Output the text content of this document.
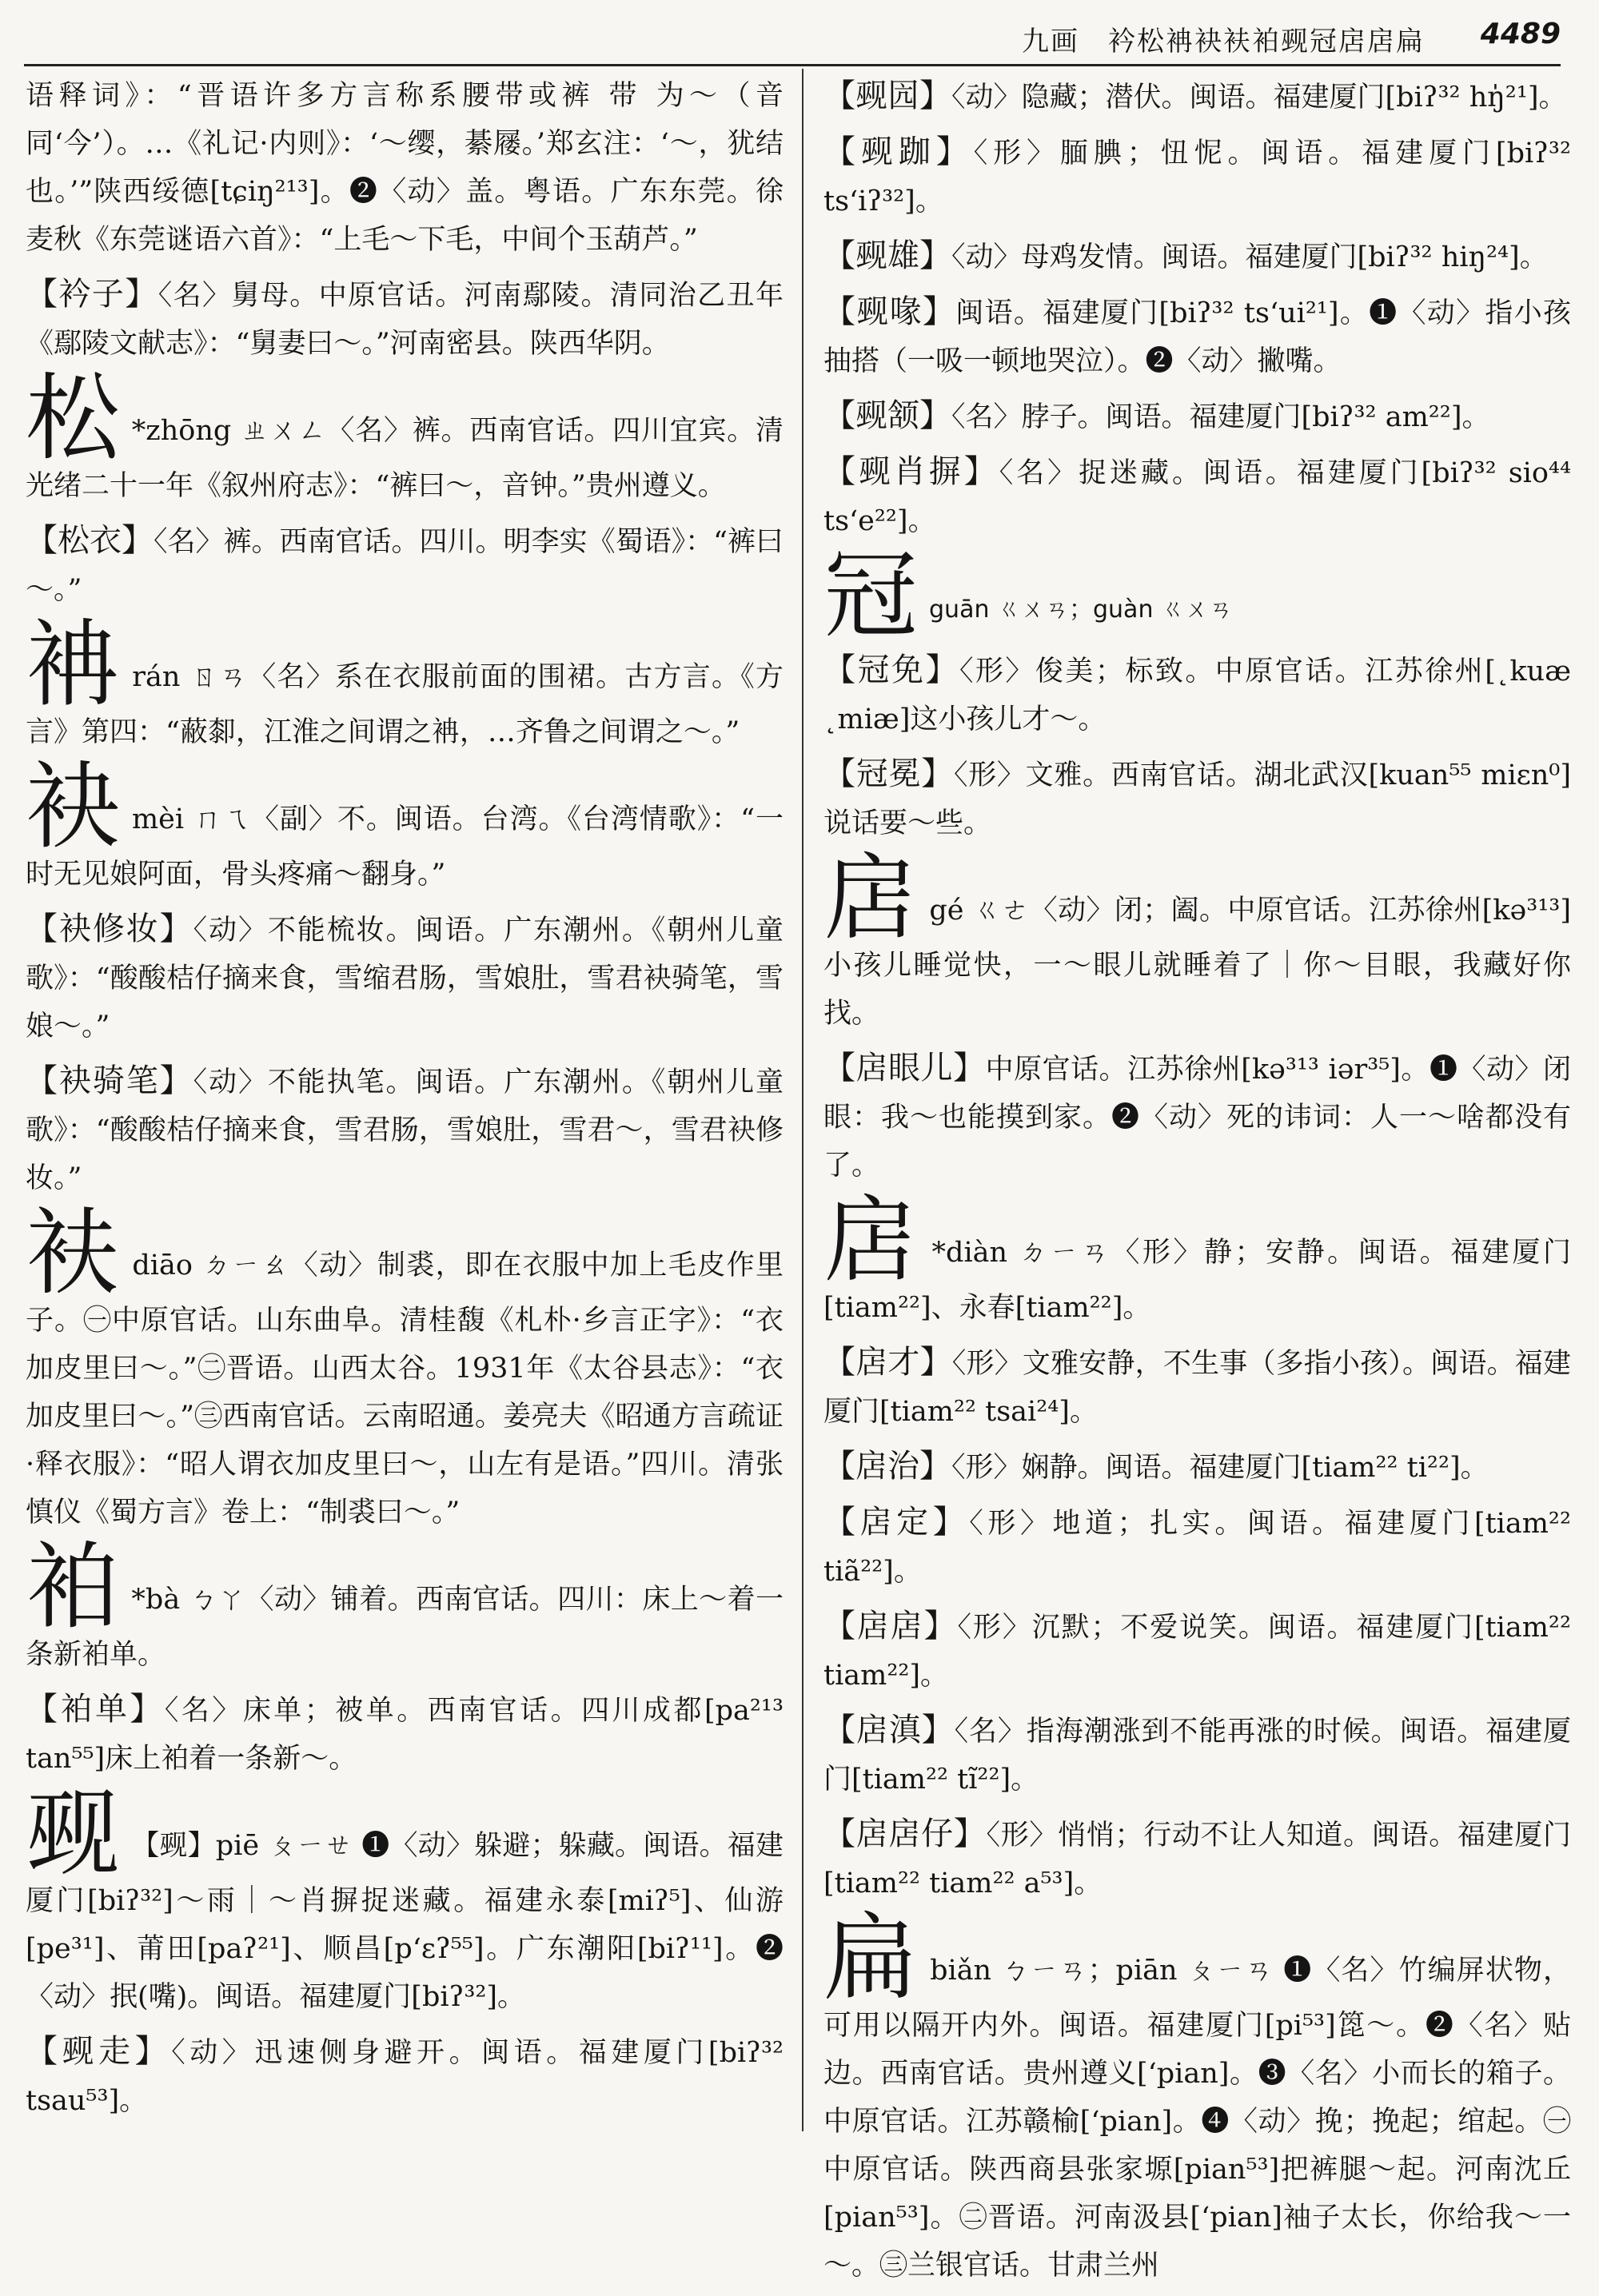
九画　衿松袡袂衭袙觋冠扂扂扁 4489

语释词》：“晋语许多方言称系腰带或裤 带 为～（音同‘今’）。…《礼记·内则》：‘～缨，綦屦。’郑玄注：‘～，犹结也。’”陕西绥德[tɕiŋ²¹³]。❷〈动〉盖。粤语。广东东莞。徐麦秋《东莞谜语六首》：“上毛～下毛，中间个玉葫芦。”

【衿子】〈名〉舅母。中原官话。河南鄢陵。清同治乙丑年《鄢陵文献志》：“舅妻曰～。”河南密县。陕西华阴。

松 *zhōng ㄓㄨㄥ〈名〉裤。西南官话。四川宜宾。清光绪二十一年《叙州府志》：“裤曰～，音钟。”贵州遵义。

【松衣】〈名〉裤。西南官话。四川。明李实《蜀语》：“裤曰～。”

袡rán ㄖㄢ〈名〉系在衣服前面的围裙。古方言。《方言》第四：“蔽厀，江淮之间谓之袡，…齐鲁之间谓之～。”

袂mèi ㄇㄟ〈副〉不。闽语。台湾。《台湾情歌》：“一时无见娘阿面，骨头疼痛～翻身。”

【袂修妆】〈动〉不能梳妆。闽语。广东潮州。《朝州儿童歌》：“酸酸桔仔摘来食，雪缩君肠，雪娘肚，雪君袂骑笔，雪娘～。”

【袂骑笔】〈动〉不能执笔。闽语。广东潮州。《朝州儿童歌》：“酸酸桔仔摘来食，雪君肠，雪娘肚，雪君～，雪君袂修妆。”

衭diāo ㄉㄧㄠ〈动〉制裘，即在衣服中加上毛皮作里子。㊀中原官话。山东曲阜。清桂馥《札朴·乡言正字》：“衣加皮里曰～。”㊁晋语。山西太谷。1931年《太谷县志》：“衣加皮里曰～。”㊂西南官话。云南昭通。姜亮夫《昭通方言疏证·释衣服》：“昭人谓衣加皮里曰～，山左有是语。”四川。清张慎仪《蜀方言》卷上：“制裘曰～。”

袙 *bà ㄅㄚ〈动〉铺着。西南官话。四川：床上～着一条新袙单。

【袙单】〈名〉床单；被单。西南官话。四川成都[pa²¹³ tan⁵⁵]床上袙着一条新～。

觋 【觋】piē ㄆㄧㄝ ❶〈动〉躲避；躲藏。闽语。福建厦门[biʔ³²]～雨｜～肖摒捉迷藏。福建永泰[miʔ⁵]、仙游[pe³¹]、莆田[paʔ²¹]、顺昌[p‘ɛʔ⁵⁵]。广东潮阳[biʔ¹¹]。❷〈动〉抿(嘴)。闽语。福建厦门[biʔ³²]。

【觋走】〈动〉迅速侧身避开。闽语。福建厦门[biʔ³² tsau⁵³]。

【觋囥】〈动〉隐藏；潜伏。闽语。福建厦门[biʔ³² hŋ̍²¹]。

【觋跏】〈形〉腼腆；忸怩。闽语。福建厦门[biʔ³² ts‘iʔ³²]。

【觋雄】〈动〉母鸡发情。闽语。福建厦门[biʔ³² hiŋ²⁴]。

【觋喙】闽语。福建厦门[biʔ³² ts‘ui²¹]。❶〈动〉指小孩抽搭（一吸一顿地哭泣）。❷〈动〉撇嘴。

【觋颔】〈名〉脖子。闽语。福建厦门[biʔ³² am²²]。

【觋肖摒】〈名〉捉迷藏。闽语。福建厦门[biʔ³² sio⁴⁴ ts‘e²²]。

冠guān ㄍㄨㄢ；guàn ㄍㄨㄢ

【冠免】〈形〉俊美；标致。中原官话。江苏徐州[˛kuæ ˛miæ]这小孩儿才～。

【冠冕】〈形〉文雅。西南官话。湖北武汉[kuan⁵⁵ miɛn⁰]说话要～些。

扂gé ㄍㄜ〈动〉闭；阖。中原官话。江苏徐州[kə³¹³]小孩儿睡觉快，一～眼儿就睡着了｜你～目眼，我藏好你找。

【扂眼儿】中原官话。江苏徐州[kə³¹³ iər³⁵]。❶〈动〉闭眼：我～也能摸到家。❷〈动〉死的讳词：人一～啥都没有了。

扂 *diàn ㄉㄧㄢ〈形〉静；安静。闽语。福建厦门[tiam²²]、永春[tiam²²]。

【扂才】〈形〉文雅安静，不生事（多指小孩）。闽语。福建厦门[tiam²² tsai²⁴]。

【扂治】〈形〉娴静。闽语。福建厦门[tiam²² ti²²]。

【扂定】〈形〉地道；扎实。闽语。福建厦门[tiam²² tiã²²]。

【扂扂】〈形〉沉默；不爱说笑。闽语。福建厦门[tiam²² tiam²²]。

【扂滇】〈名〉指海潮涨到不能再涨的时候。闽语。福建厦门[tiam²² tĩ²²]。

【扂扂仔】〈形〉悄悄；行动不让人知道。闽语。福建厦门[tiam²² tiam²² a⁵³]。

扁biǎn ㄅㄧㄢ；piān ㄆㄧㄢ ❶〈名〉竹编屏状物，可用以隔开内外。闽语。福建厦门[pi⁵³]箆～。❷〈名〉贴边。西南官话。贵州遵义[‘pian]。❸〈名〉小而长的箱子。中原官话。江苏赣榆[‘pian]。❹〈动〉挽；挽起；绾起。㊀中原官话。陕西商县张家塬[pian⁵³]把裤腿～起。河南沈丘[pian⁵³]。㊁晋语。河南汲县[‘pian]袖子太长，你给我～一～。㊂兰银官话。甘肃兰州
